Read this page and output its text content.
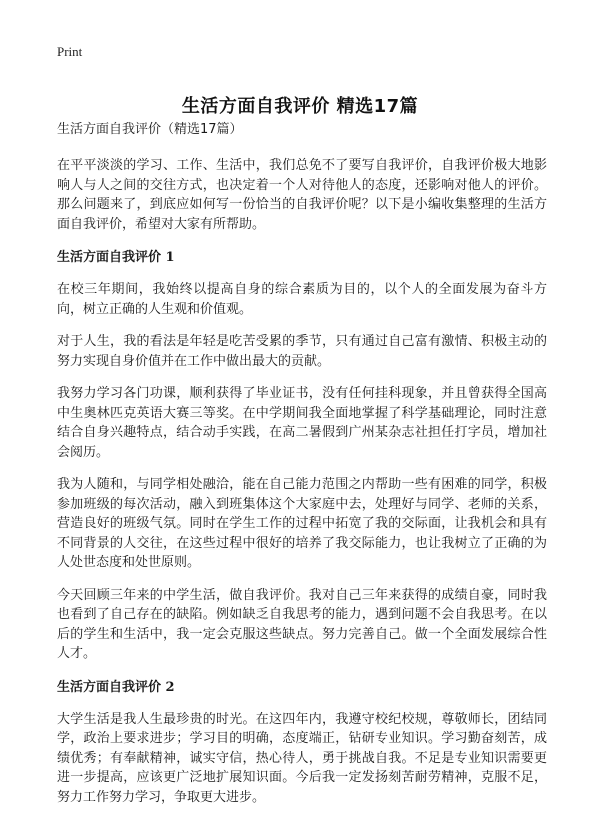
Print
生活方面自我评价 精选17篇
生活方面自我评价（精选17篇）

在平平淡淡的学习、工作、生活中，我们总免不了要写自我评价，自我评价极大地影响人与人之间的交往方式，也决定着一个人对待他人的态度，还影响对他人的评价。那么问题来了，到底应如何写一份恰当的自我评价呢？以下是小编收集整理的生活方面自我评价，希望对大家有所帮助。

生活方面自我评价 1

在校三年期间，我始终以提高自身的综合素质为目的，以个人的全面发展为奋斗方向，树立正确的人生观和价值观。

对于人生，我的看法是年轻是吃苦受累的季节，只有通过自己富有激情、积极主动的努力实现自身价值并在工作中做出最大的贡献。

我努力学习各门功课，顺利获得了毕业证书，没有任何挂科现象，并且曾获得全国高中生奥林匹克英语大赛三等奖。在中学期间我全面地掌握了科学基础理论，同时注意结合自身兴趣特点，结合动手实践，在高二暑假到广州某杂志社担任打字员，增加社会阅历。

我为人随和，与同学相处融洽，能在自己能力范围之内帮助一些有困难的同学，积极参加班级的每次活动，融入到班集体这个大家庭中去，处理好与同学、老师的关系，营造良好的班级气氛。同时在学生工作的过程中拓宽了我的交际面，让我机会和具有不同背景的人交往，在这些过程中很好的培养了我交际能力，也让我树立了正确的为人处世态度和处世原则。

今天回顾三年来的中学生活，做自我评价。我对自己三年来获得的成绩自豪，同时我也看到了自己存在的缺陷。例如缺乏自我思考的能力，遇到问题不会自我思考。在以后的学生和生活中，我一定会克服这些缺点。努力完善自己。做一个全面发展综合性人才。

生活方面自我评价 2

大学生活是我人生最珍贵的时光。在这四年内，我遵守校纪校规，尊敬师长，团结同学，政治上要求进步；学习目的明确，态度端正，钻研专业知识。学习勤奋刻苦，成绩优秀；有奉献精神，诚实守信，热心待人，勇于挑战自我。不足是专业知识需要更进一步提高，应该更广泛地扩展知识面。今后我一定发扬刻苦耐劳精神，克服不足，努力工作努力学习，争取更大进步。
